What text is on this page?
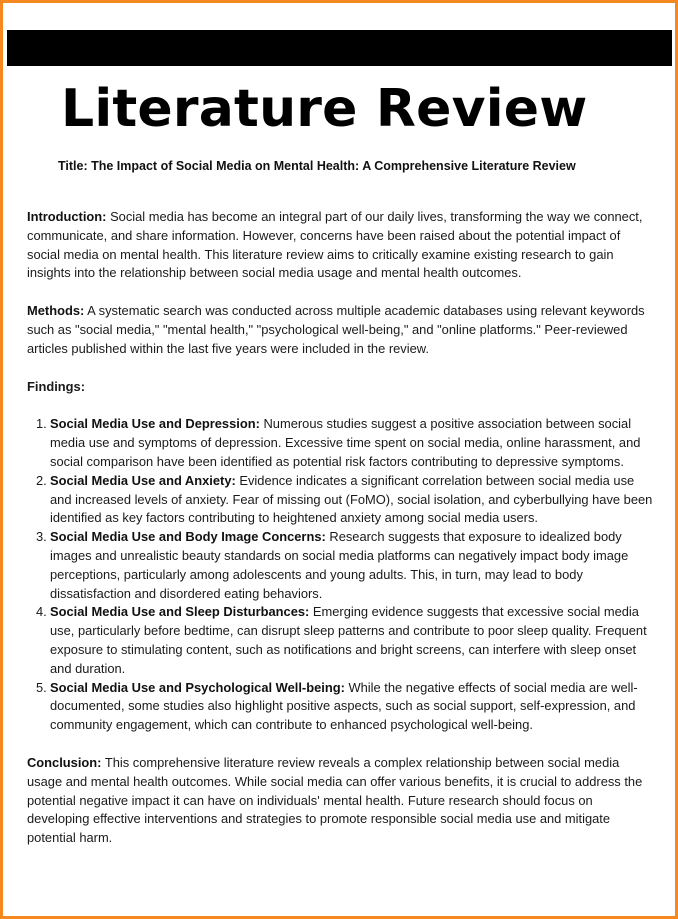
Literature Review
Title: The Impact of Social Media on Mental Health: A Comprehensive Literature Review

Introduction: Social media has become an integral part of our daily lives, transforming the way we connect, communicate, and share information. However, concerns have been raised about the potential impact of social media on mental health. This literature review aims to critically examine existing research to gain insights into the relationship between social media usage and mental health outcomes.

Methods: A systematic search was conducted across multiple academic databases using relevant keywords such as "social media," "mental health," "psychological well-being," and "online platforms." Peer-reviewed articles published within the last five years were included in the review.

Findings:
1. Social Media Use and Depression: Numerous studies suggest a positive association between social media use and symptoms of depression. Excessive time spent on social media, online harassment, and social comparison have been identified as potential risk factors contributing to depressive symptoms.
2. Social Media Use and Anxiety: Evidence indicates a significant correlation between social media use and increased levels of anxiety. Fear of missing out (FoMO), social isolation, and cyberbullying have been identified as key factors contributing to heightened anxiety among social media users.
3. Social Media Use and Body Image Concerns: Research suggests that exposure to idealized body images and unrealistic beauty standards on social media platforms can negatively impact body image perceptions, particularly among adolescents and young adults. This, in turn, may lead to body dissatisfaction and disordered eating behaviors.
4. Social Media Use and Sleep Disturbances: Emerging evidence suggests that excessive social media use, particularly before bedtime, can disrupt sleep patterns and contribute to poor sleep quality. Frequent exposure to stimulating content, such as notifications and bright screens, can interfere with sleep onset and duration.
5. Social Media Use and Psychological Well-being: While the negative effects of social media are well-documented, some studies also highlight positive aspects, such as social support, self-expression, and community engagement, which can contribute to enhanced psychological well-being.

Conclusion: This comprehensive literature review reveals a complex relationship between social media usage and mental health outcomes. While social media can offer various benefits, it is crucial to address the potential negative impact it can have on individuals' mental health. Future research should focus on developing effective interventions and strategies to promote responsible social media use and mitigate potential harm.
